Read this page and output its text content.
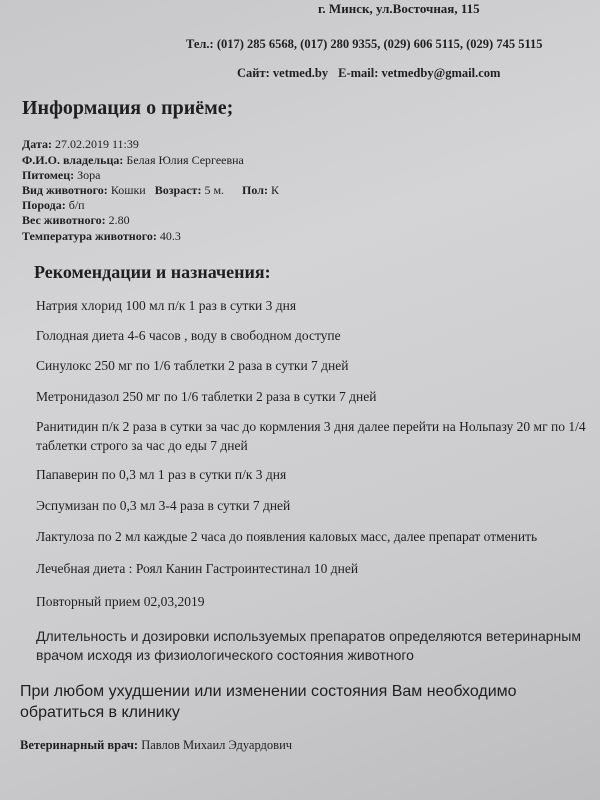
г. Минск, ул.Восточная, 115
Тел.: (017) 285 6568, (017) 280 9355, (029) 606 5115, (029) 745 5115
Сайт: vetmed.by E-mail: vetmedby@gmail.com
Информация о приёме;
Дата: 27.02.2019 11:39
Ф.И.О. владельца: Белая Юлия Сергеевна
Питомец: Зора
Вид животного: Кошки Возраст: 5 м. Пол: К
Порода: б/п
Вес животного: 2.80
Температура животного: 40.3
Рекомендации и назначения:
Натрия хлорид 100 мл п/к 1 раз в сутки 3 дня
Голодная диета 4-6 часов , воду в свободном доступе
Синулокс 250 мг по 1/6 таблетки 2 раза в сутки 7 дней
Метронидазол 250 мг по 1/6 таблетки 2 раза в сутки 7 дней
Ранитидин п/к 2 раза в сутки за час до кормления 3 дня далее перейти на Нольпазу 20 мг по 1/4 таблетки строго за час до еды 7 дней
Папаверин по 0,3 мл 1 раз в сутки п/к 3 дня
Эспумизан по 0,3 мл 3-4 раза в сутки 7 дней
Лактулоза по 2 мл каждые 2 часа до появления каловых масс, далее препарат отменить
Лечебная диета : Роял Канин Гастроинтестинал 10 дней
Повторный прием 02,03,2019
Длительность и дозировки используемых препаратов определяются ветеринарным врачом исходя из физиологического состояния животного
При любом ухудшении или изменении состояния Вам необходимо обратиться в клинику
Ветеринарный врач: Павлов Михаил Эдуардович
